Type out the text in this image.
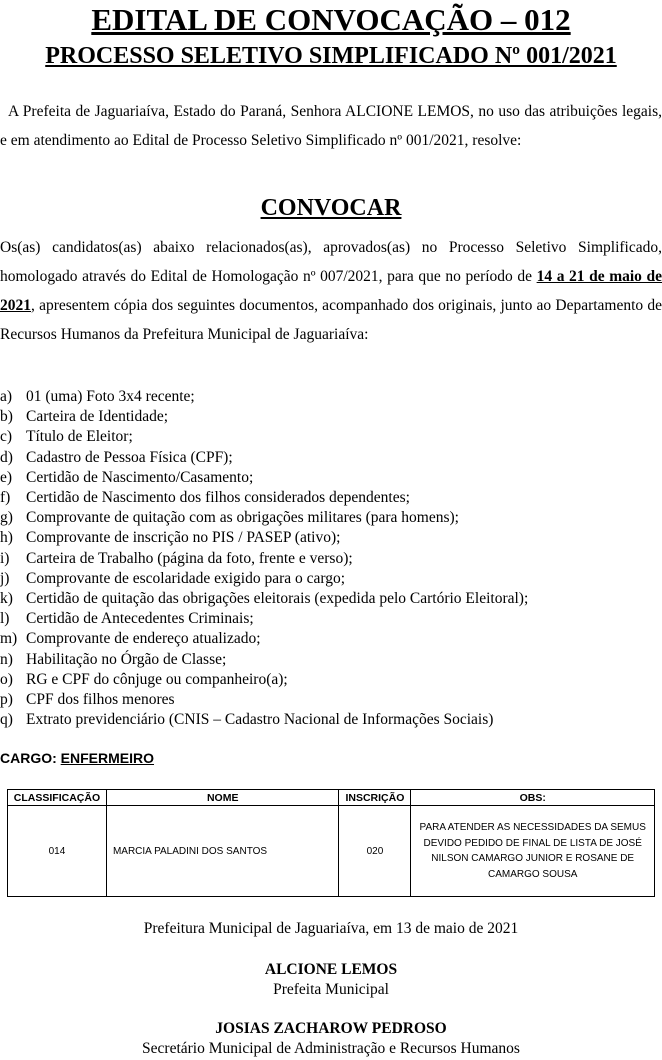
EDITAL DE CONVOCAÇÃO – 012
PROCESSO SELETIVO SIMPLIFICADO Nº 001/2021
A Prefeita de Jaguariaíva, Estado do Paraná, Senhora ALCIONE LEMOS, no uso das atribuições legais, e em atendimento ao Edital de Processo Seletivo Simplificado nº 001/2021, resolve:
CONVOCAR
Os(as) candidatos(as) abaixo relacionados(as), aprovados(as) no Processo Seletivo Simplificado, homologado através do Edital de Homologação nº 007/2021, para que no período de 14 a 21 de maio de 2021, apresentem cópia dos seguintes documentos, acompanhado dos originais, junto ao Departamento de Recursos Humanos da Prefeitura Municipal de Jaguariaíva:
a) 01 (uma) Foto 3x4 recente;
b) Carteira de Identidade;
c) Título de Eleitor;
d) Cadastro de Pessoa Física (CPF);
e) Certidão de Nascimento/Casamento;
f)	Certidão de Nascimento dos filhos considerados dependentes;
g) Comprovante de quitação com as obrigações militares (para homens);
h) Comprovante de inscrição no PIS / PASEP (ativo);
i)	Carteira de Trabalho (página da foto, frente e verso);
j)	Comprovante de escolaridade exigido para o cargo;
k) Certidão de quitação das obrigações eleitorais (expedida pelo Cartório Eleitoral);
l)	Certidão de Antecedentes Criminais;
m) Comprovante de endereço atualizado;
n) Habilitação no Órgão de Classe;
o) RG e CPF do cônjuge ou companheiro(a);
p) CPF dos filhos menores
q) Extrato previdenciário (CNIS – Cadastro Nacional de Informações Sociais)
CARGO: ENFERMEIRO
CLASSIFICAÇÃO	NOME	INSCRIÇÃO	OBS:
014	MARCIA PALADINI DOS SANTOS	020	PARA ATENDER AS NECESSIDADES DA SEMUS DEVIDO PEDIDO DE FINAL DE LISTA DE JOSÉ NILSON CAMARGO JUNIOR E ROSANE DE CAMARGO SOUSA
Prefeitura Municipal de Jaguariaíva, em 13 de maio de 2021
ALCIONE LEMOS
Prefeita Municipal
JOSIAS ZACHAROW PEDROSO
Secretário Municipal de Administração e Recursos Humanos
